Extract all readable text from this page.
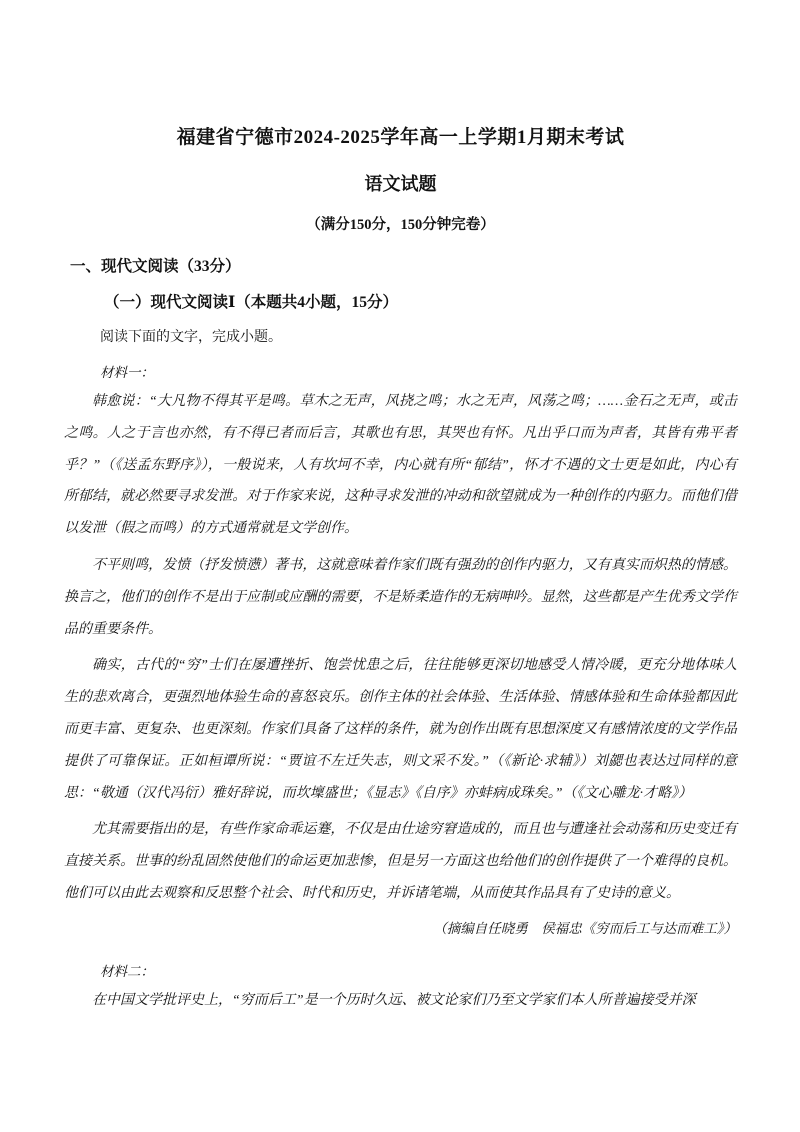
福建省宁德市2024-2025学年高一上学期1月期末考试
语文试题

（满分150分，150分钟完卷）

一、现代文阅读（33分）

（一）现代文阅读Ⅰ（本题共4小题，15分）

阅读下面的文字，完成小题。

材料一：

韩愈说：“大凡物不得其平是鸣。草木之无声，风挠之鸣；水之无声，风荡之鸣；……金石之无声，或击之鸣。人之于言也亦然，有不得已者而后言，其歌也有思，其哭也有怀。凡出乎口而为声者，其皆有弗平者乎？”（《送孟东野序》），一般说来，人有坎坷不幸，内心就有所“郁结”，怀才不遇的文士更是如此，内心有所郁结，就必然要寻求发泄。对于作家来说，这种寻求发泄的冲动和欲望就成为一种创作的内驱力。而他们借以发泄（假之而鸣）的方式通常就是文学创作。

不平则鸣，发愤（抒发愤懑）著书，这就意味着作家们既有强劲的创作内驱力，又有真实而炽热的情感。换言之，他们的创作不是出于应制或应酬的需要，不是矫柔造作的无病呻吟。显然，这些都是产生优秀文学作品的重要条件。

确实，古代的“穷”士们在屡遭挫折、饱尝忧患之后，往往能够更深切地感受人情冷暖，更充分地体味人生的悲欢离合，更强烈地体验生命的喜怒哀乐。创作主体的社会体验、生活体验、情感体验和生命体验都因此而更丰富、更复杂、也更深刻。作家们具备了这样的条件，就为创作出既有思想深度又有感情浓度的文学作品提供了可靠保证。正如桓谭所说：“贾谊不左迁失志，则文采不发。”（《新论·求辅》）刘勰也表达过同样的意思：“敬通（汉代冯衍）雅好辞说，而坎壈盛世；《显志》《自序》亦蚌病成珠矣。”（《文心雕龙·才略》）

尤其需要指出的是，有些作家命乖运蹇，不仅是由仕途穷窘造成的，而且也与遭逢社会动荡和历史变迁有直接关系。世事的纷乱固然使他们的命运更加悲惨，但是另一方面这也给他们的创作提供了一个难得的良机。他们可以由此去观察和反思整个社会、时代和历史，并诉诸笔端，从而使其作品具有了史诗的意义。

（摘编自任晓勇　侯福忠《穷而后工与达而难工》）

材料二：

在中国文学批评史上，“穷而后工”是一个历时久远、被文论家们乃至文学家们本人所普遍接受并深
